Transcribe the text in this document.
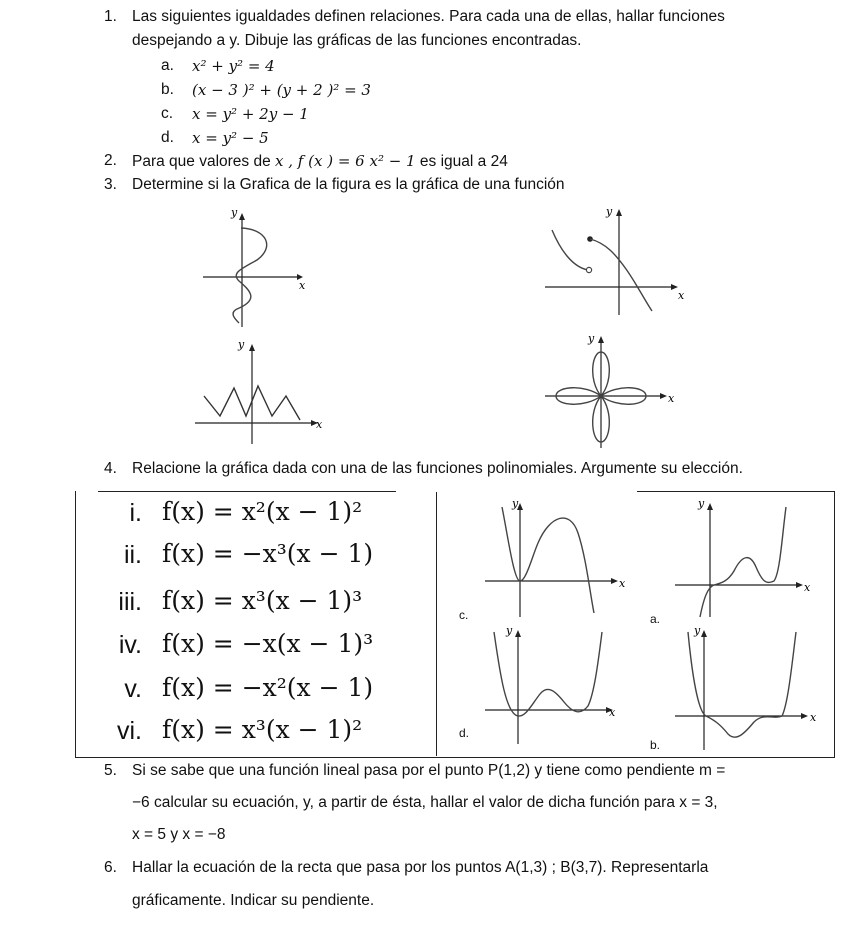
1. Las siguientes igualdades definen relaciones. Para cada una de ellas, hallar funciones
despejando a y. Dibuje las gráficas de las funciones encontradas.
a. x² + y² = 4
b. (x − 3 )² + (y + 2 )² = 3
c. x = y² + 2y − 1
d. x = y² − 5
2. Para que valores de x , f (x ) = 6 x² − 1 es igual a 24
3. Determine si la Grafica de la figura es la gráfica de una función
y
x
y
x
y
x
y
x
4. Relacione la gráfica dada con una de las funciones polinomiales. Argumente su elección.
i. f(x) = x²(x − 1)²
ii. f(x) = −x³(x − 1)
iii. f(x) = x³(x − 1)³
iv. f(x) = −x(x − 1)³
v. f(x) = −x²(x − 1)
vi. f(x) = x³(x − 1)²
y
x
c.
y
x
a.
y
x
d.
y
x
b.
5. Si se sabe que una función lineal pasa por el punto P(1,2) y tiene como pendiente m =
−6 calcular su ecuación, y, a partir de ésta, hallar el valor de dicha función para x = 3,
x = 5 y x = −8
6. Hallar la ecuación de la recta que pasa por los puntos A(1,3) ; B(3,7). Representarla
gráficamente. Indicar su pendiente.
